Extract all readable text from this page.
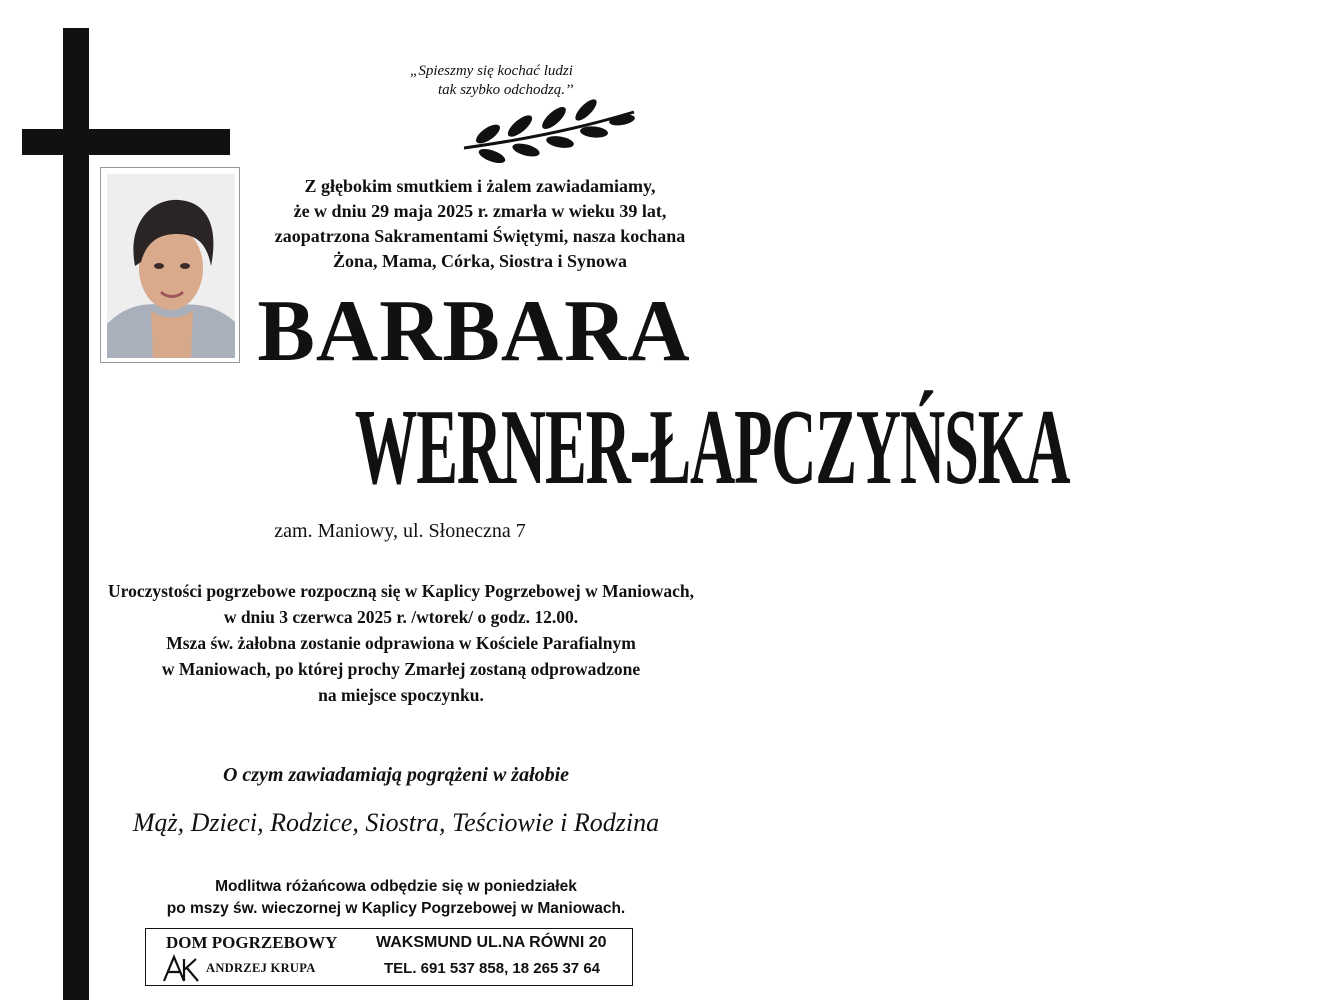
„Spieszmy się kochać ludzi
tak szybko odchodzą.’’
Z głębokim smutkiem i żalem zawiadamiamy,
że w dniu 29 maja 2025 r. zmarła w wieku 39 lat,
zaopatrzona Sakramentami Świętymi, nasza kochana
Żona, Mama, Córka, Siostra i Synowa
BARBARA
WERNER-ŁAPCZYŃSKA
zam. Maniowy, ul. Słoneczna 7
Uroczystości pogrzebowe rozpoczną się w Kaplicy Pogrzebowej w Maniowach,
w dniu 3 czerwca 2025 r. /wtorek/ o godz. 12.00.
Msza św. żałobna zostanie odprawiona w Kościele Parafialnym
w Maniowach, po której prochy Zmarłej zostaną odprowadzone
na miejsce spoczynku.
O czym zawiadamiają pogrążeni w żałobie
Mąż, Dzieci, Rodzice, Siostra, Teściowie i Rodzina
Modlitwa różańcowa odbędzie się w poniedziałek
po mszy św. wieczornej w Kaplicy Pogrzebowej w Maniowach.
DOM POGRZEBOWY
ANDRZEJ KRUPA
WAKSMUND UL.NA RÓWNI 20
TEL. 691 537 858, 18 265 37 64
